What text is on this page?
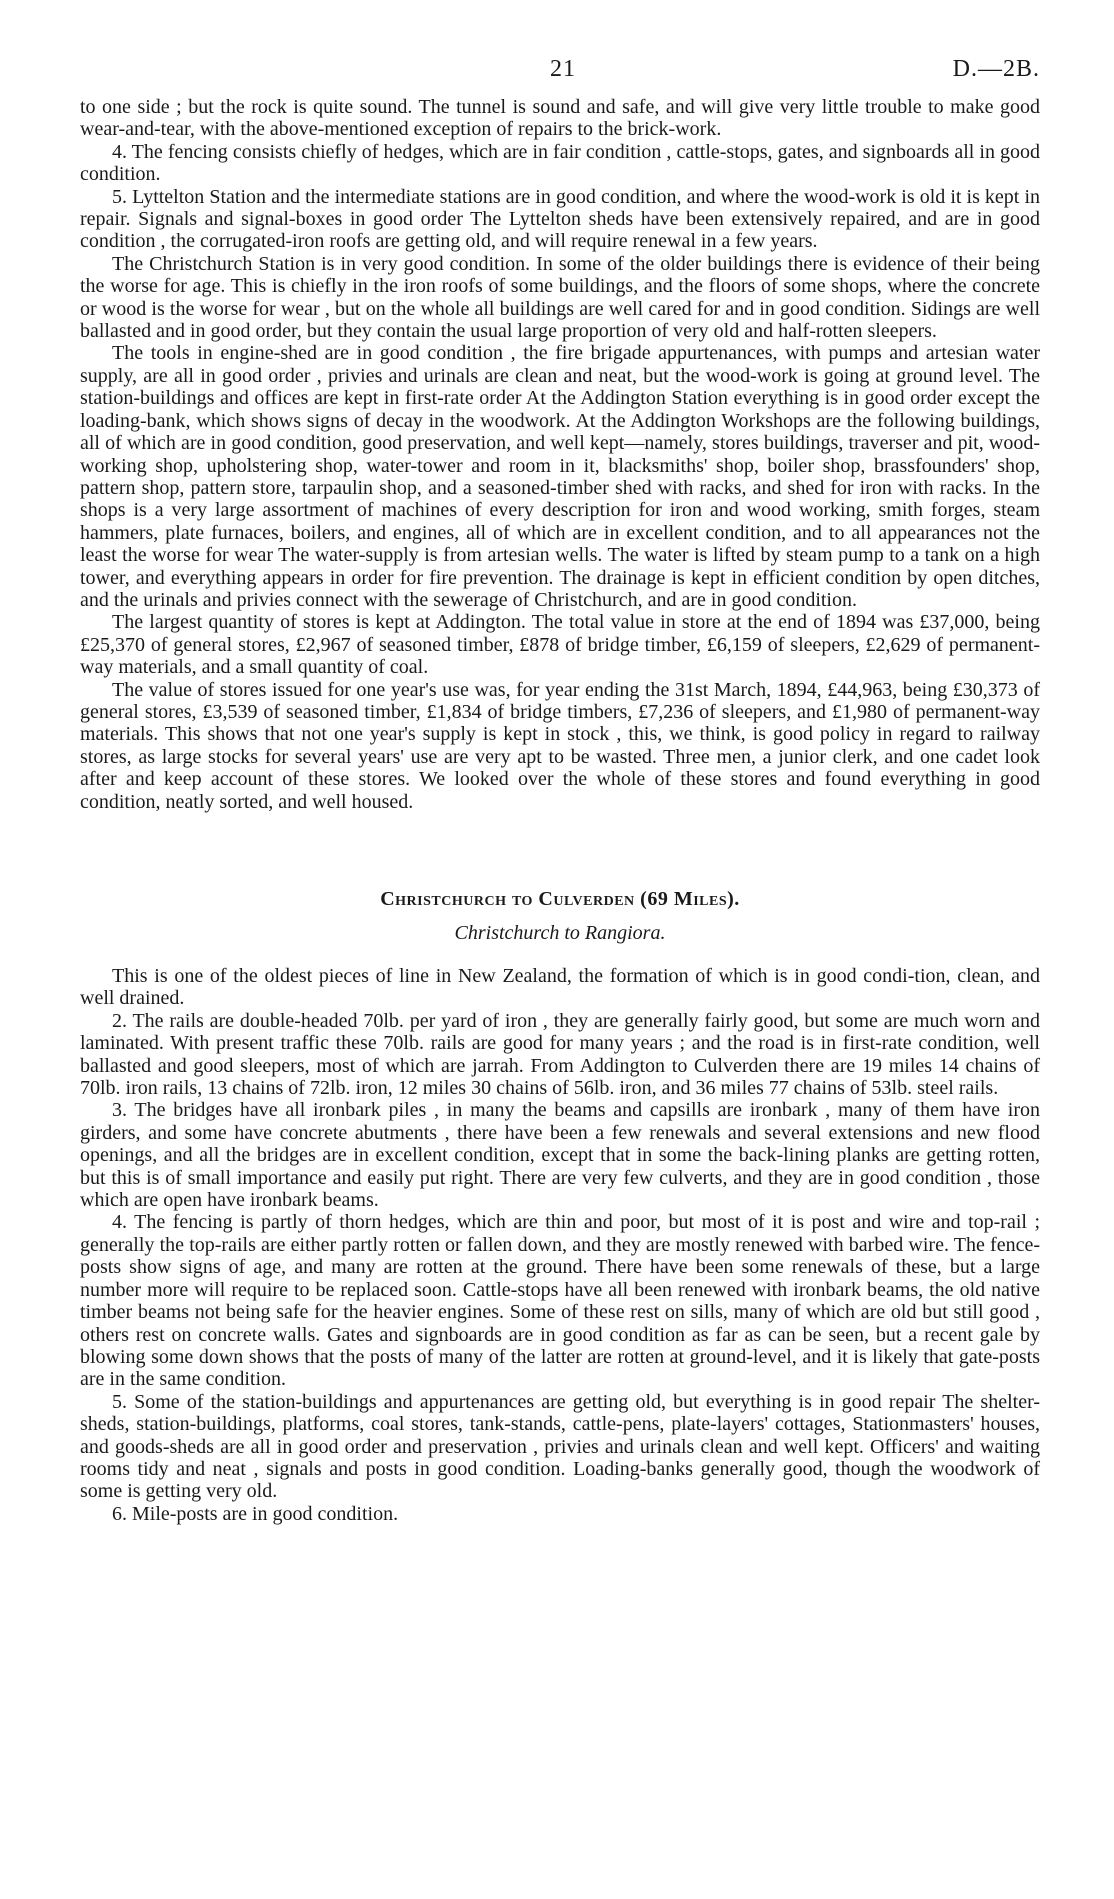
21	D.—2B.

to one side ; but the rock is quite sound. The tunnel is sound and safe, and will give very little trouble to make good wear-and-tear, with the above-mentioned exception of repairs to the brick-work.

4. The fencing consists chiefly of hedges, which are in fair condition , cattle-stops, gates, and signboards all in good condition.

5. Lyttelton Station and the intermediate stations are in good condition, and where the wood-work is old it is kept in repair. Signals and signal-boxes in good order The Lyttelton sheds have been extensively repaired, and are in good condition , the corrugated-iron roofs are getting old, and will require renewal in a few years.

The Christchurch Station is in very good condition. In some of the older buildings there is evidence of their being the worse for age. This is chiefly in the iron roofs of some buildings, and the floors of some shops, where the concrete or wood is the worse for wear , but on the whole all buildings are well cared for and in good condition. Sidings are well ballasted and in good order, but they contain the usual large proportion of very old and half-rotten sleepers.

The tools in engine-shed are in good condition , the fire brigade appurtenances, with pumps and artesian water supply, are all in good order , privies and urinals are clean and neat, but the wood-work is going at ground level. The station-buildings and offices are kept in first-rate order At the Addington Station everything is in good order except the loading-bank, which shows signs of decay in the woodwork. At the Addington Workshops are the following buildings, all of which are in good condition, good preservation, and well kept—namely, stores buildings, traverser and pit, wood-working shop, upholstering shop, water-tower and room in it, blacksmiths' shop, boiler shop, brassfounders' shop, pattern shop, pattern store, tarpaulin shop, and a seasoned-timber shed with racks, and shed for iron with racks. In the shops is a very large assortment of machines of every description for iron and wood working, smith forges, steam hammers, plate furnaces, boilers, and engines, all of which are in excellent condition, and to all appearances not the least the worse for wear The water-supply is from artesian wells. The water is lifted by steam pump to a tank on a high tower, and everything appears in order for fire prevention. The drainage is kept in efficient condition by open ditches, and the urinals and privies connect with the sewerage of Christchurch, and are in good condition.

The largest quantity of stores is kept at Addington. The total value in store at the end of 1894 was £37,000, being £25,370 of general stores, £2,967 of seasoned timber, £878 of bridge timber, £6,159 of sleepers, £2,629 of permanent-way materials, and a small quantity of coal.

The value of stores issued for one year's use was, for year ending the 31st March, 1894, £44,963, being £30,373 of general stores, £3,539 of seasoned timber, £1,834 of bridge timbers, £7,236 of sleepers, and £1,980 of permanent-way materials. This shows that not one year's supply is kept in stock , this, we think, is good policy in regard to railway stores, as large stocks for several years' use are very apt to be wasted. Three men, a junior clerk, and one cadet look after and keep account of these stores. We looked over the whole of these stores and found everything in good condition, neatly sorted, and well housed.

Christchurch to Culverden (69 Miles).
Christchurch to Rangiora.

This is one of the oldest pieces of line in New Zealand, the formation of which is in good condi-tion, clean, and well drained.

2. The rails are double-headed 70lb. per yard of iron , they are generally fairly good, but some are much worn and laminated. With present traffic these 70lb. rails are good for many years ; and the road is in first-rate condition, well ballasted and good sleepers, most of which are jarrah. From Addington to Culverden there are 19 miles 14 chains of 70lb. iron rails, 13 chains of 72lb. iron, 12 miles 30 chains of 56lb. iron, and 36 miles 77 chains of 53lb. steel rails.

3. The bridges have all ironbark piles , in many the beams and capsills are ironbark , many of them have iron girders, and some have concrete abutments , there have been a few renewals and several extensions and new flood openings, and all the bridges are in excellent condition, except that in some the back-lining planks are getting rotten, but this is of small importance and easily put right. There are very few culverts, and they are in good condition , those which are open have ironbark beams.

4. The fencing is partly of thorn hedges, which are thin and poor, but most of it is post and wire and top-rail ; generally the top-rails are either partly rotten or fallen down, and they are mostly renewed with barbed wire. The fence-posts show signs of age, and many are rotten at the ground. There have been some renewals of these, but a large number more will require to be replaced soon. Cattle-stops have all been renewed with ironbark beams, the old native timber beams not being safe for the heavier engines. Some of these rest on sills, many of which are old but still good , others rest on concrete walls. Gates and signboards are in good condition as far as can be seen, but a recent gale by blowing some down shows that the posts of many of the latter are rotten at ground-level, and it is likely that gate-posts are in the same condition.

5. Some of the station-buildings and appurtenances are getting old, but everything is in good repair The shelter-sheds, station-buildings, platforms, coal stores, tank-stands, cattle-pens, plate-layers' cottages, Stationmasters' houses, and goods-sheds are all in good order and preservation , privies and urinals clean and well kept. Officers' and waiting rooms tidy and neat , signals and posts in good condition. Loading-banks generally good, though the woodwork of some is getting very old.

6. Mile-posts are in good condition.
